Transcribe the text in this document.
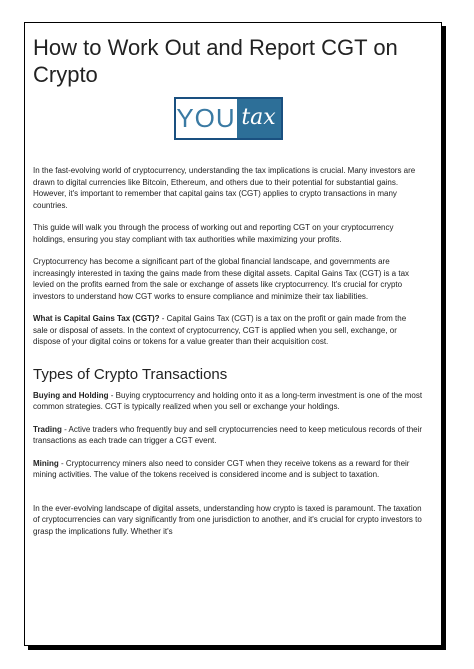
How to Work Out and Report CGT on Crypto
YOU tax

In the fast-evolving world of cryptocurrency, understanding the tax implications is crucial. Many investors are drawn to digital currencies like Bitcoin, Ethereum, and others due to their potential for substantial gains.

However, it's important to remember that capital gains tax (CGT) applies to crypto transactions in many countries.

This guide will walk you through the process of working out and reporting CGT on your cryptocurrency holdings, ensuring you stay compliant with tax authorities while maximizing your profits.

Cryptocurrency has become a significant part of the global financial landscape, and governments are increasingly interested in taxing the gains made from these digital assets. Capital Gains Tax (CGT) is a tax levied on the profits earned from the sale or exchange of assets like cryptocurrency. It's crucial for crypto investors to understand how CGT works to ensure compliance and minimize their tax liabilities.

What is Capital Gains Tax (CGT)? - Capital Gains Tax (CGT) is a tax on the profit or gain made from the sale or disposal of assets. In the context of cryptocurrency, CGT is applied when you sell, exchange, or dispose of your digital coins or tokens for a value greater than their acquisition cost.

Types of Crypto Transactions

Buying and Holding - Buying cryptocurrency and holding onto it as a long-term investment is one of the most common strategies. CGT is typically realized when you sell or exchange your holdings.

Trading - Active traders who frequently buy and sell cryptocurrencies need to keep meticulous records of their transactions as each trade can trigger a CGT event.

Mining - Cryptocurrency miners also need to consider CGT when they receive tokens as a reward for their mining activities. The value of the tokens received is considered income and is subject to taxation.

In the ever-evolving landscape of digital assets, understanding how crypto is taxed is paramount. The taxation of cryptocurrencies can vary significantly from one jurisdiction to another, and it's crucial for crypto investors to grasp the implications fully. Whether it's
